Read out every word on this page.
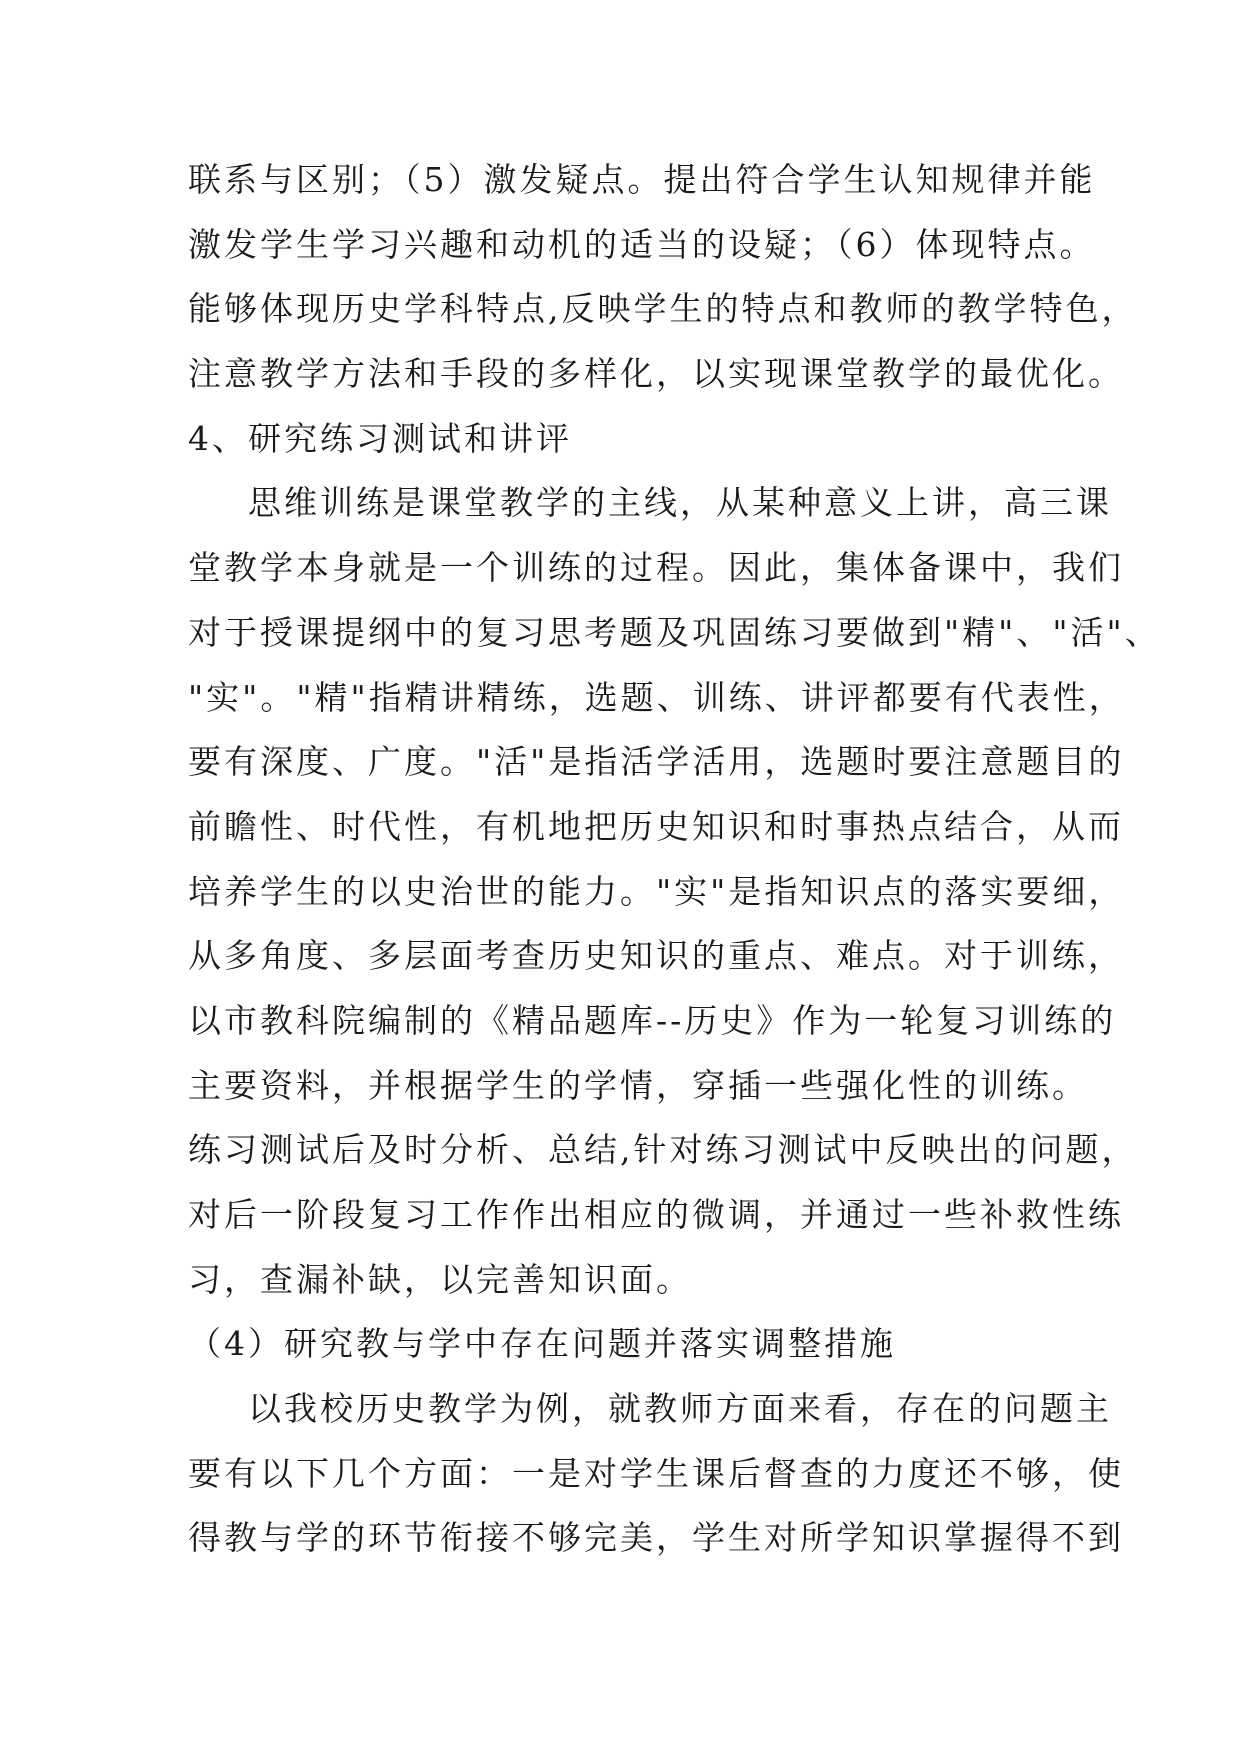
联系与区别；（5）激发疑点。提出符合学生认知规律并能
激发学生学习兴趣和动机的适当的设疑；（6）体现特点。
能够体现历史学科特点,反映学生的特点和教师的教学特色，
注意教学方法和手段的多样化，以实现课堂教学的最优化。
4、研究练习测试和讲评
思维训练是课堂教学的主线，从某种意义上讲，高三课
堂教学本身就是一个训练的过程。因此，集体备课中，我们
对于授课提纲中的复习思考题及巩固练习要做到"精"、"活"、
"实"。"精"指精讲精练，选题、训练、讲评都要有代表性，
要有深度、广度。"活"是指活学活用，选题时要注意题目的
前瞻性、时代性，有机地把历史知识和时事热点结合，从而
培养学生的以史治世的能力。"实"是指知识点的落实要细，
从多角度、多层面考查历史知识的重点、难点。对于训练，
以市教科院编制的《精品题库--历史》作为一轮复习训练的
主要资料，并根据学生的学情，穿插一些强化性的训练。
练习测试后及时分析、总结,针对练习测试中反映出的问题，
对后一阶段复习工作作出相应的微调，并通过一些补救性练
习，查漏补缺，以完善知识面。
（4）研究教与学中存在问题并落实调整措施
以我校历史教学为例，就教师方面来看，存在的问题主
要有以下几个方面：一是对学生课后督查的力度还不够，使
得教与学的环节衔接不够完美，学生对所学知识掌握得不到
